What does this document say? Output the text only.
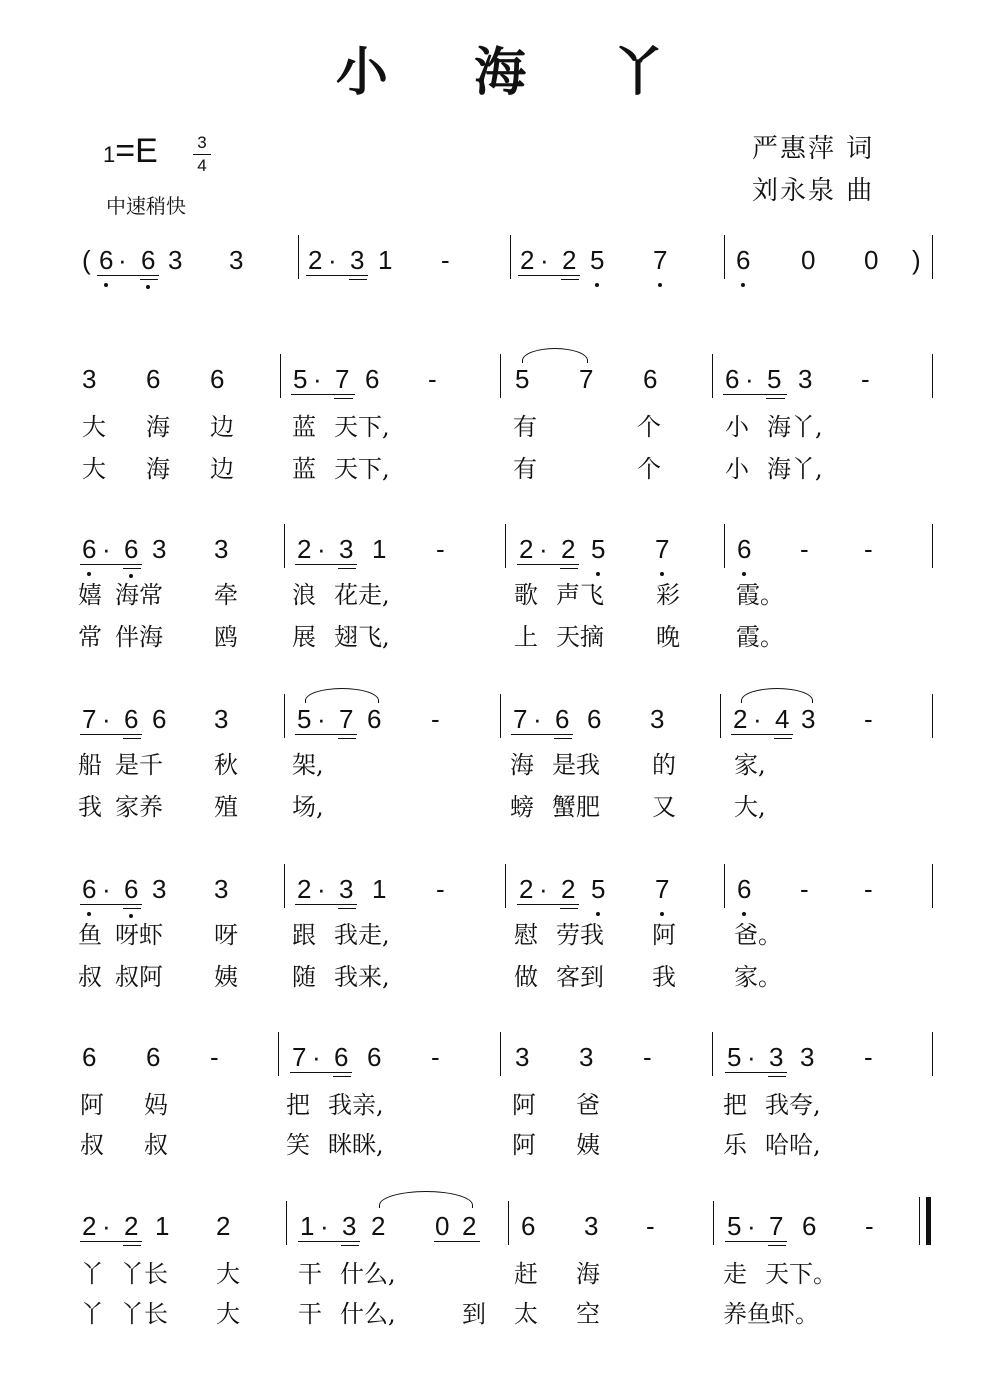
小 海 丫
1=E 3
4
中速稍快
严惠萍 词
刘永泉 曲
( 6 · 6 3 3 2 · 3 1 -	2 · 2 5 7	6 0 0 )
3 6 6	5 · 7 6 -	5 7 6	6 · 5 3 -
大 海 边 蓝 天下,	有	个	小 海丫,
大 海 边 蓝 天下,	有	个	小 海丫,
6 · 6 3 3	2 · 3 1 -	2 · 2 5 7	6 - -
嬉 海常 牵 浪 花走,	歌 声飞 彩 霞。
常 伴海 鸥 展 翅飞,	上 天摘 晚 霞。
7 · 6 6 3	5 · 7 6 -	7 · 6 6 3	2 · 4 3 -
船 是千 秋 架,	海 是我 的 家,
我 家养 殖 场,	螃 蟹肥 又 大,
6 · 6 3 3	2 · 3 1 -	2 · 2 5 7	6 - -
鱼 呀虾 呀 跟 我走,	慰 劳我 阿 爸。
叔 叔阿 姨 随 我来,	做 客到 我 家。
6 6 -	7 · 6 6 -	3 3 -	5 · 3 3 -
阿 妈	把 我亲,	阿 爸	把 我夸,
叔 叔	笑 眯眯,	阿 姨	乐 哈哈,
2 · 2 1 2	1 · 3 2 0 2 6 3 -	5 · 7 6 -
丫 丫长 大 干 什么,	赶 海	走 天下。
丫 丫长 大 干 什么,	到 太 空	养鱼虾。
